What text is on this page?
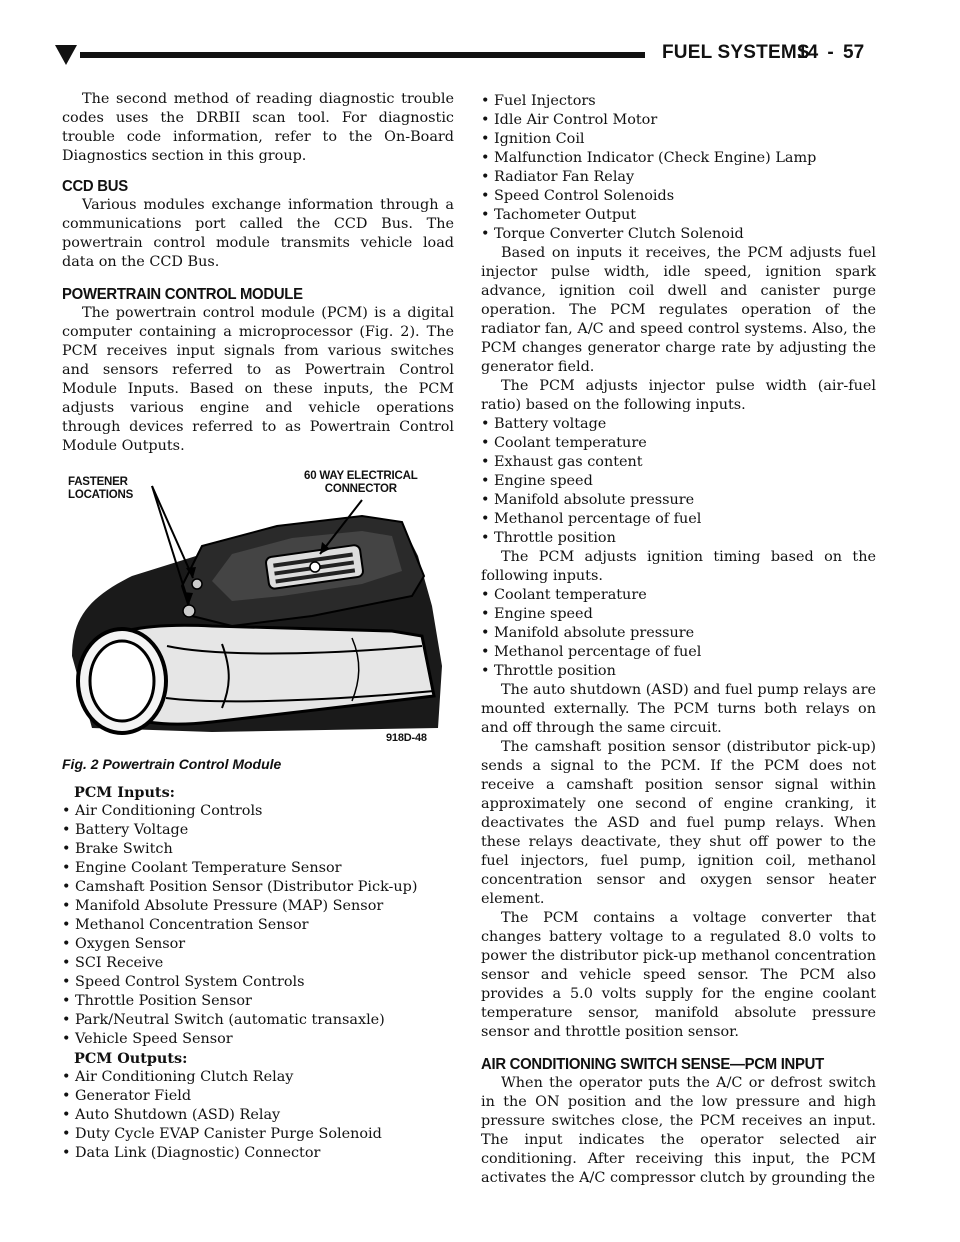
FUEL SYSTEMS
14 - 57

The second method of reading diagnostic trouble codes uses the DRBII scan tool. For diagnostic trouble code information, refer to the On-Board Diagnostics section in this group.

CCD BUS

Various modules exchange information through a communications port called the CCD Bus. The powertrain control module transmits vehicle load data on the CCD Bus.

POWERTRAIN CONTROL MODULE

The powertrain control module (PCM) is a digital computer containing a microprocessor (Fig. 2). The PCM receives input signals from various switches and sensors referred to as Powertrain Control Module Inputs. Based on these inputs, the PCM adjusts various engine and vehicle operations through devices referred to as Powertrain Control Module Outputs.

FASTENER
LOCATIONS
60 WAY ELECTRICAL
CONNECTOR
918D-48

Fig. 2 Powertrain Control Module

PCM Inputs:

• Air Conditioning Controls
• Battery Voltage
• Brake Switch
• Engine Coolant Temperature Sensor
• Camshaft Position Sensor (Distributor Pick-up)
• Manifold Absolute Pressure (MAP) Sensor
• Methanol Concentration Sensor
• Oxygen Sensor
• SCI Receive
• Speed Control System Controls
• Throttle Position Sensor
• Park/Neutral Switch (automatic transaxle)
• Vehicle Speed Sensor

PCM Outputs:

• Air Conditioning Clutch Relay
• Generator Field
• Auto Shutdown (ASD) Relay
• Duty Cycle EVAP Canister Purge Solenoid
• Data Link (Diagnostic) Connector
• Fuel Injectors
• Idle Air Control Motor
• Ignition Coil
• Malfunction Indicator (Check Engine) Lamp
• Radiator Fan Relay
• Speed Control Solenoids
• Tachometer Output
• Torque Converter Clutch Solenoid

Based on inputs it receives, the PCM adjusts fuel injector pulse width, idle speed, ignition spark advance, ignition coil dwell and canister purge operation. The PCM regulates operation of the radiator fan, A/C and speed control systems. Also, the PCM changes generator charge rate by adjusting the generator field.

The PCM adjusts injector pulse width (air-fuel ratio) based on the following inputs.

• Battery voltage
• Coolant temperature
• Exhaust gas content
• Engine speed
• Manifold absolute pressure
• Methanol percentage of fuel
• Throttle position

The PCM adjusts ignition timing based on the following inputs.

• Coolant temperature
• Engine speed
• Manifold absolute pressure
• Methanol percentage of fuel
• Throttle position

The auto shutdown (ASD) and fuel pump relays are mounted externally. The PCM turns both relays on and off through the same circuit.

The camshaft position sensor (distributor pick-up) sends a signal to the PCM. If the PCM does not receive a camshaft position sensor signal within approximately one second of engine cranking, it deactivates the ASD and fuel pump relays. When these relays deactivate, they shut off power to the fuel injectors, fuel pump, ignition coil, methanol concentration sensor and oxygen sensor heater element.

The PCM contains a voltage converter that changes battery voltage to a regulated 8.0 volts to power the distributor pick-up methanol concentration sensor and vehicle speed sensor. The PCM also provides a 5.0 volts supply for the engine coolant temperature sensor, manifold absolute pressure sensor and throttle position sensor.

AIR CONDITIONING SWITCH SENSE—PCM INPUT

When the operator puts the A/C or defrost switch in the ON position and the low pressure and high pressure switches close, the PCM receives an input. The input indicates the operator selected air conditioning. After receiving this input, the PCM activates the A/C compressor clutch by grounding the
